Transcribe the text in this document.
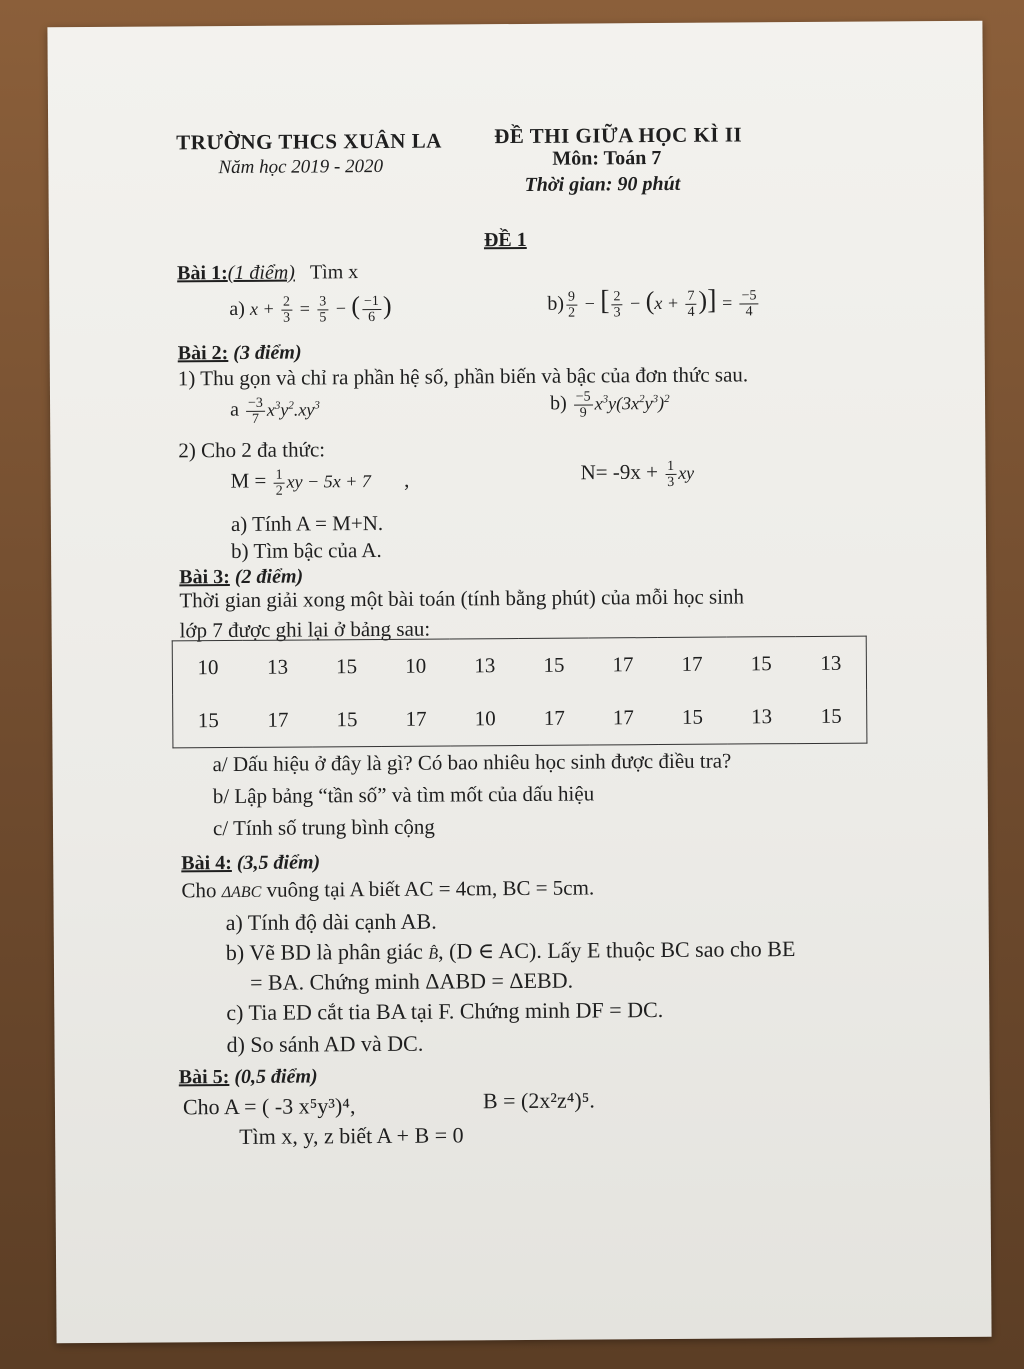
TRƯỜNG THCS XUÂN LA
Năm học 2019 - 2020
ĐỀ THI GIỮA HỌC KÌ II
Môn: Toán 7
Thời gian: 90 phút
ĐỀ 1
Bài 1:(1 điểm) Tìm x
a) $x + \frac{2}{3} = \frac{3}{5}$ − ( $\frac{-1}{6}$ )	$b) \frac{9}{2}$ − [ $\frac{2}{3} - (x + \frac{7}{4}$ )] = $\frac{-5}{4}$
Bài 2: (3 điểm)
1) Thu gọn và chỉ ra phần hệ số, phần biến và bậc của đơn thức sau.
a $\frac{-3}{7} x^3y^2.xy^3$	$b) \frac{-5}{9} x^3y(3x^2y^3)^2$
2) Cho 2 đa thức:
$M = \frac{1}{2}$ xy − 5x + 7 ,	$N= -9x + \frac{1}{3}$ xy
a) Tính A = M+N.
b) Tìm bậc của A.
Bài 3: (2 điểm)
Thời gian giải xong một bài toán (tính bằng phút) của mỗi học sinh
lớp 7 được ghi lại ở bảng sau:
10	13	15	10	13	15	17	17	15	13
15	17	15	17	10	17	17	15	13	15
a/ Dấu hiệu ở đây là gì? Có bao nhiêu học sinh được điều tra?
b/ Lập bảng “tần số” và tìm mốt của dấu hiệu
c/ Tính số trung bình cộng
Bài 4: (3,5 điểm)
Cho ΔABC vuông tại A biết AC = 4cm, BC = 5cm.
a) Tính độ dài cạnh AB.
b) Vẽ BD là phân giác B̂, (D ∈ AC). Lấy E thuộc BC sao cho BE
= BA. Chứng minh ΔABD = ΔEBD.
c) Tia ED cắt tia BA tại F. Chứng minh DF = DC.
d) So sánh AD và DC.
Bài 5: (0,5 điểm)
Cho A = ( -3 x⁵y³)⁴,	B = (2x²z⁴)⁵.
Tìm x, y, z biết A + B = 0
